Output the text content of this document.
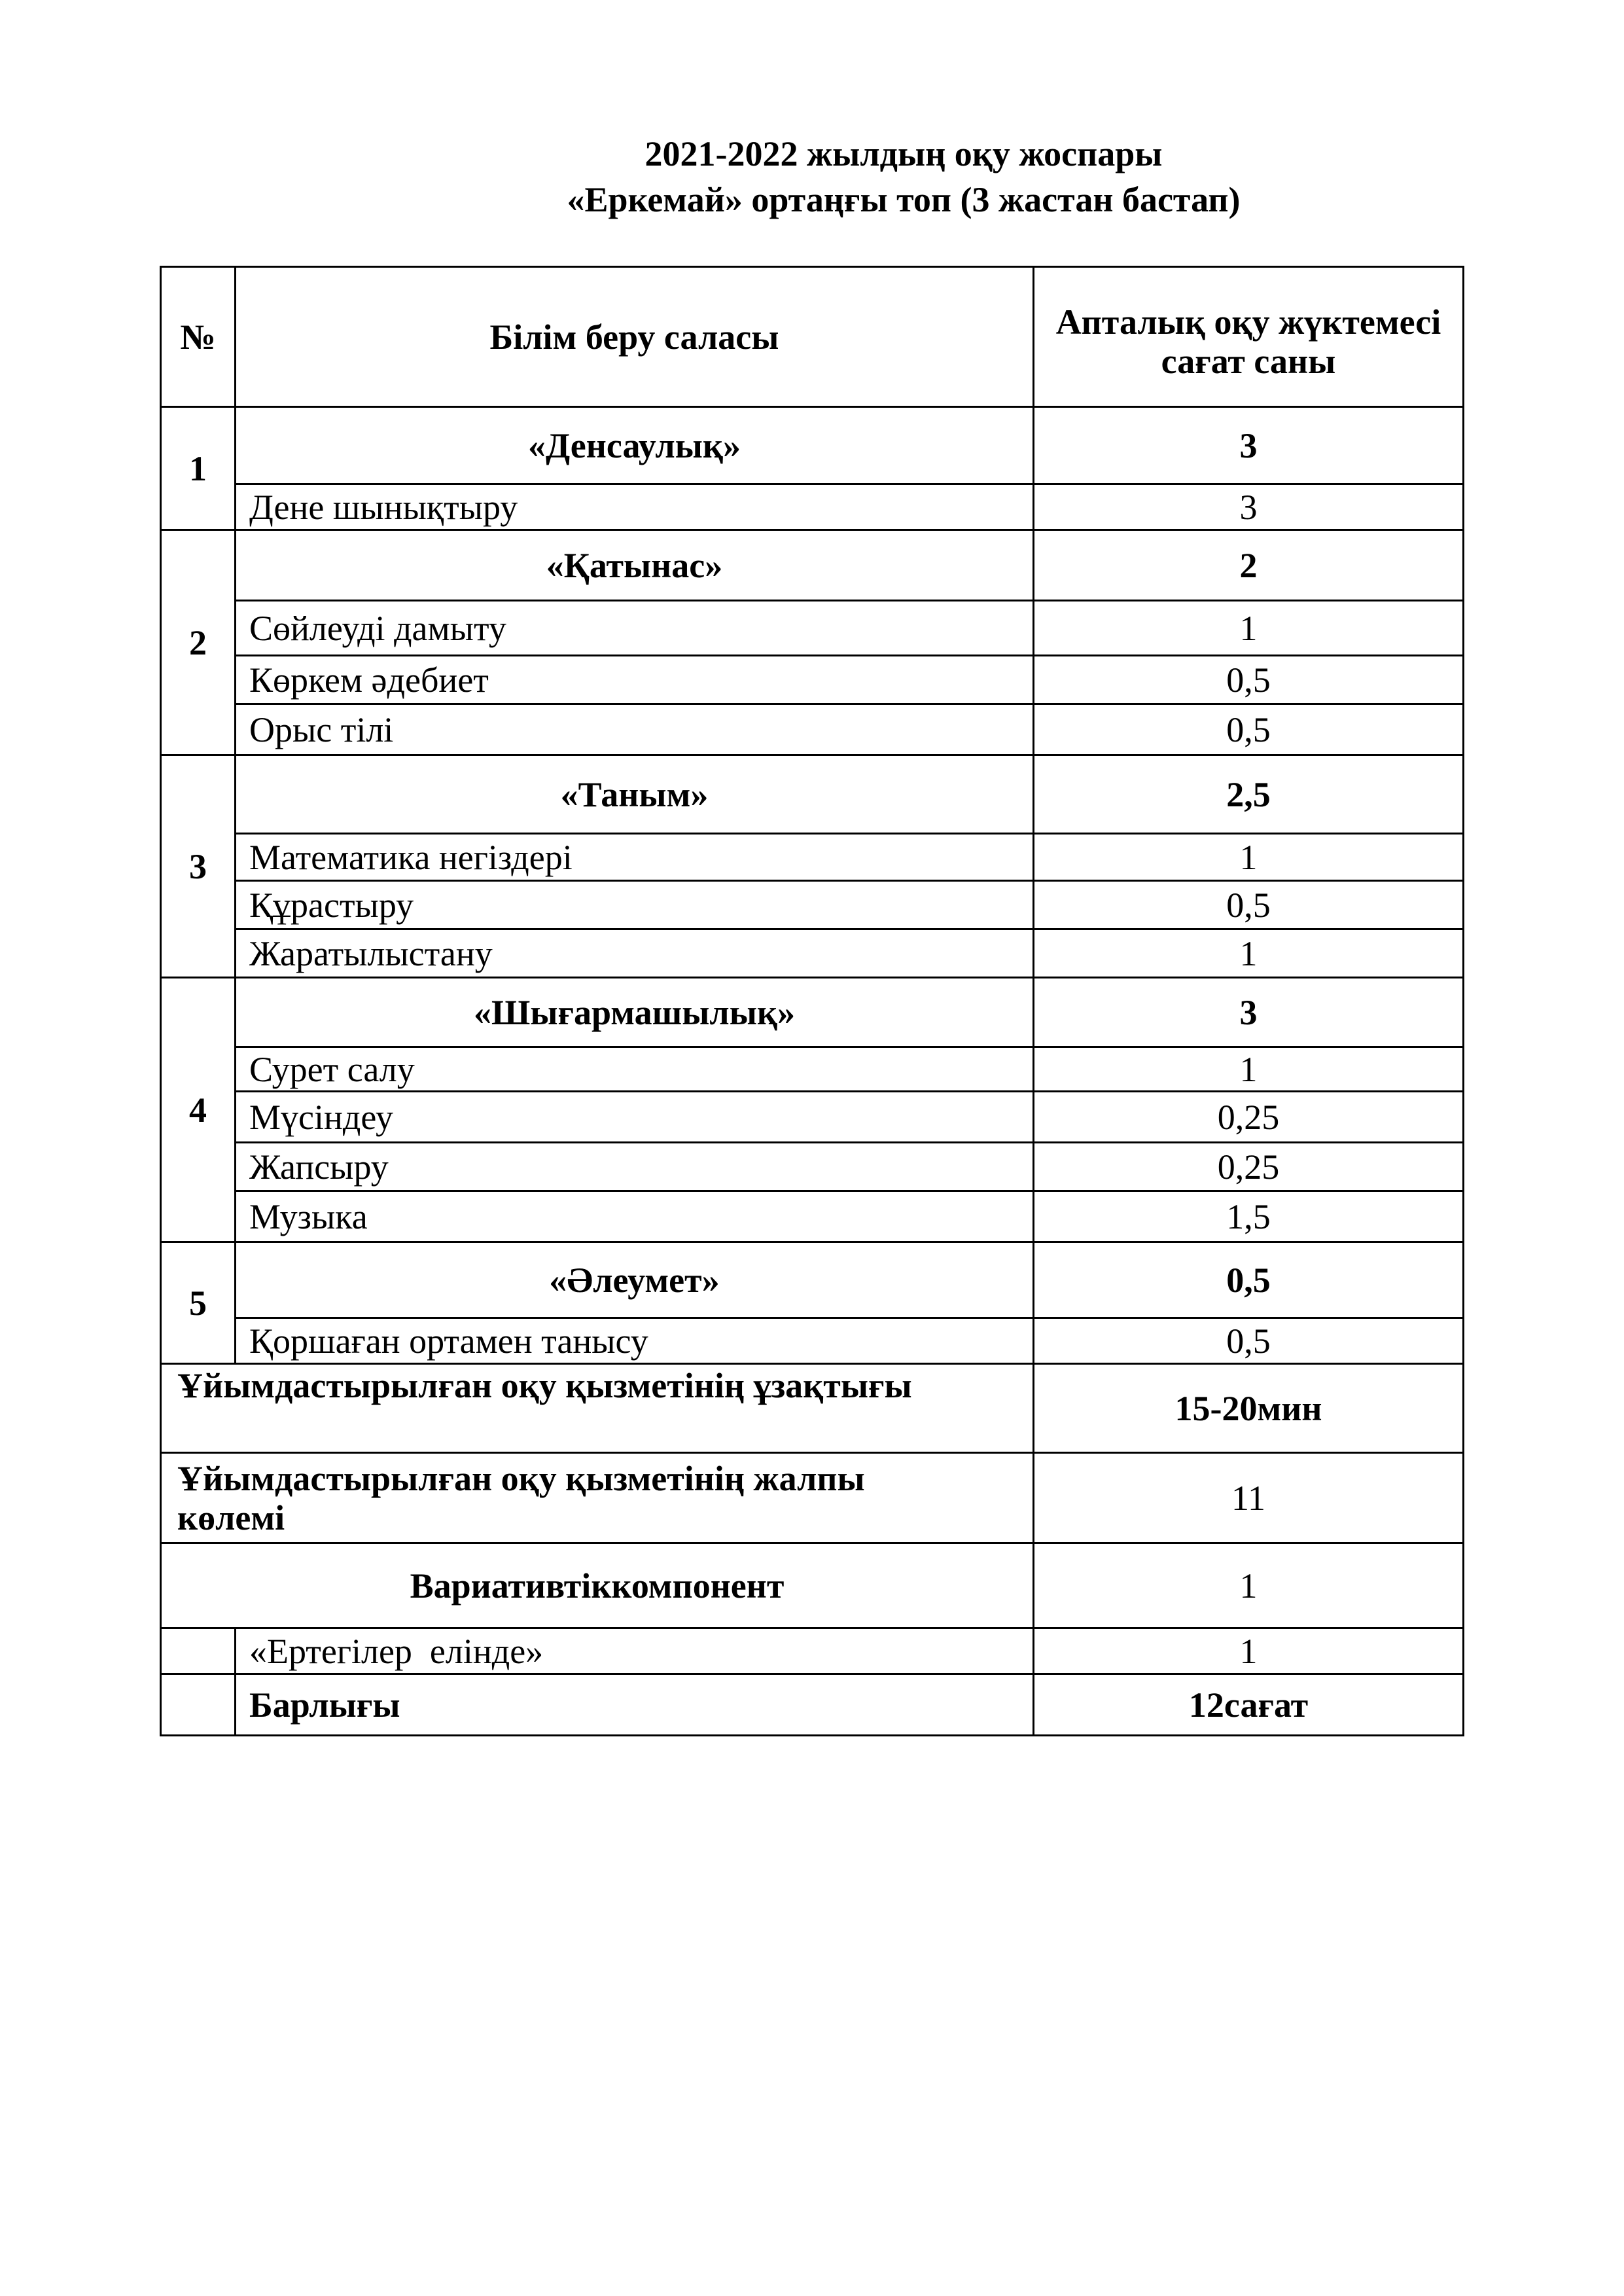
2021-2022 жылдың оқу жоспары
«Еркемай» ортаңғы топ (3 жастан бастап)
№	Білім беру саласы	Апталық оқу жүктемесі
сағат саны

1	«Денсаулық»	3
	Дене шынықтыру	3
2	«Қатынас»	2
	Сөйлеуді дамыту	1
	Көркем әдебиет	0,5
	Орыс тілі	0,5
3	«Таным»	2,5
	Математика негіздері	1
	Құрастыру	0,5
	Жаратылыстану	1
4	«Шығармашылық»	3
	Сурет салу	1
	Мүсіндеу	0,25
	Жапсыру	0,25
	Музыка	1,5
5	«Әлеумет»	0,5
	Қоршаған ортамен танысу	0,5
Ұйымдастырылған оқу қызметінің ұзақтығы		15-20мин

Ұйымдастырылған оқу қызметінің жалпы
көлемі		11
Вариативтіккомпонент		1
	«Ертегілер  елінде»	1
	Барлығы	12сағат
